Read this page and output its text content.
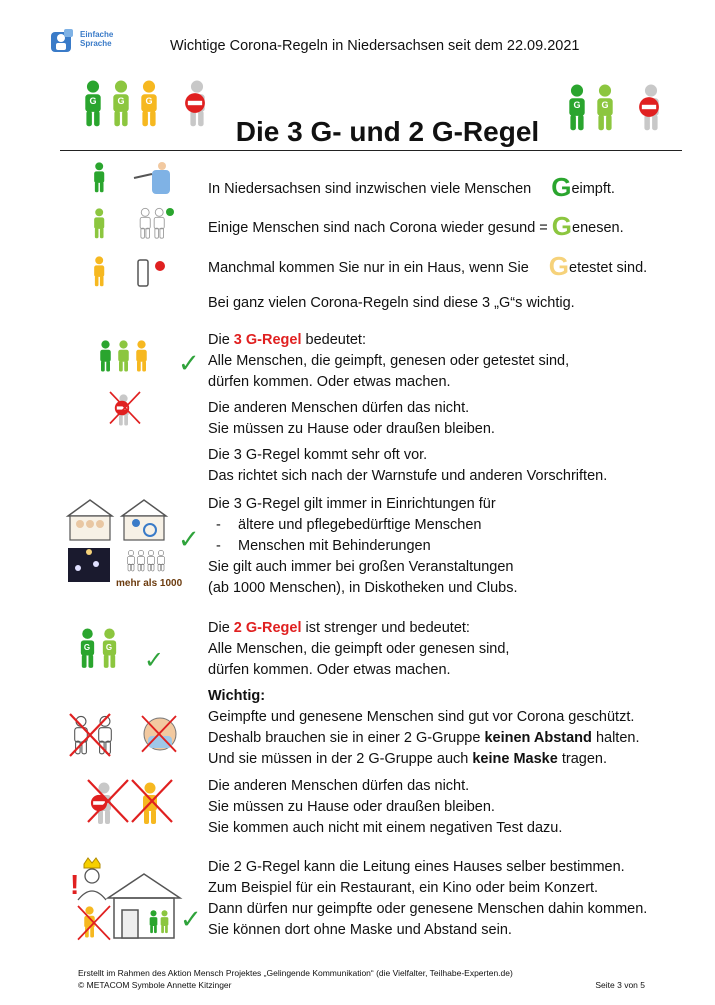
Einfache
Sprache	Wichtige Corona-Regeln in Niedersachsen seit dem 22.09.2021
G G G	G G
Die 3 G- und 2 G-Regel
In Niedersachsen sind inzwischen viele Menschen Geimpft.
Einige Menschen sind nach Corona wieder gesund = Genesen.
Manchmal kommen Sie nur in ein Haus, wenn Sie Getestet sind.
Bei ganz vielen Corona-Regeln sind diese 3 „G“s wichtig.
✓

Die 3 G-Regel bedeutet:

Alle Menschen, die geimpft, genesen oder getestet sind,

dürfen kommen. Oder etwas machen.

Die anderen Menschen dürfen das nicht.

Sie müssen zu Hause oder draußen bleiben.

Die 3 G-Regel kommt sehr oft vor.

Das richtet sich nach der Warnstufe und anderen Vorschriften.

✓
mehr als 1000

Die 3 G-Regel gilt immer in Einrichtungen für

- ältere und pflegebedürftige Menschen

- Menschen mit Behinderungen

Sie gilt auch immer bei großen Veranstaltungen

(ab 1000 Menschen), in Diskotheken und Clubs.

G G ✓

Die 2 G-Regel ist strenger und bedeutet:

Alle Menschen, die geimpft oder genesen sind,

dürfen kommen. Oder etwas machen.

Wichtig:

Geimpfte und genesene Menschen sind gut vor Corona geschützt.

Deshalb brauchen sie in einer 2 G-Gruppe keinen Abstand halten.

Und sie müssen in der 2 G-Gruppe auch keine Maske tragen.

Die anderen Menschen dürfen das nicht.

Sie müssen zu Hause oder draußen bleiben.

Sie kommen auch nicht mit einem negativen Test dazu.

!
✓

Die 2 G-Regel kann die Leitung eines Hauses selber bestimmen.

Zum Beispiel für ein Restaurant, ein Kino oder beim Konzert.

Dann dürfen nur geimpfte oder genesene Menschen dahin kommen.

Sie können dort ohne Maske und Abstand sein.

Erstellt im Rahmen des Aktion Mensch Projektes „Gelingende Kommunikation“ (die Vielfalter, Teilhabe-Experten.de)
© METACOM Symbole Annette Kitzinger	Seite 3 von 5
